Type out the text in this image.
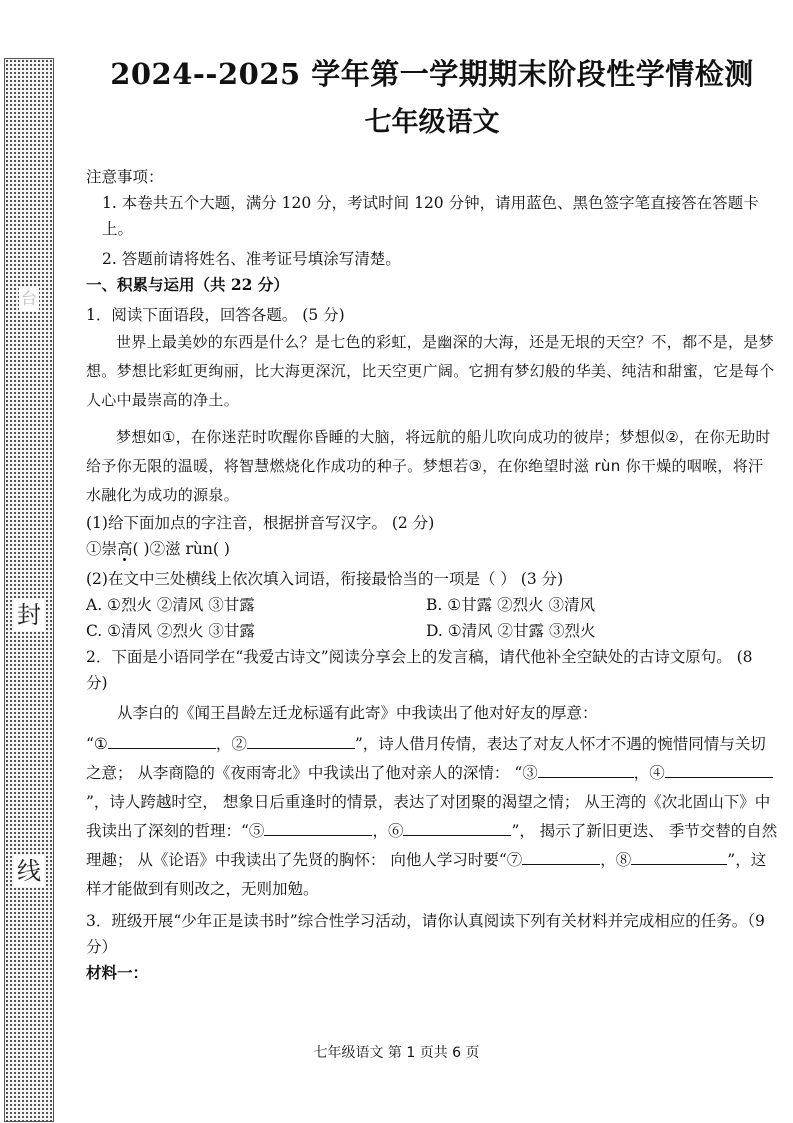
台
封
线
2024--2025 学年第一学期期末阶段性学情检测
七年级语文

注意事项：

1. 本卷共五个大题，满分 120 分，考试时间 120 分钟，请用蓝色、黑色签字笔直接答在答题卡上。

2. 答题前请将姓名、准考证号填涂写清楚。

一、积累与运用（共 22 分）

1．阅读下面语段，回答各题。 (5 分)

世界上最美妙的东西是什么？是七色的彩虹，是幽深的大海，还是无垠的天空？不，都不是，是梦想。梦想比彩虹更绚丽，比大海更深沉，比天空更广阔。它拥有梦幻般的华美、纯洁和甜蜜，它是每个人心中最崇高的净土。

梦想如①，在你迷茫时吹醒你昏睡的大脑，将远航的船儿吹向成功的彼岸；梦想似②，在你无助时给予你无限的温暖，将智慧燃烧化作成功的种子。梦想若③，在你绝望时滋 rùn 你干燥的咽喉，将汗水融化为成功的源泉。

(1)给下面加点的字注音，根据拼音写汉字。 (2 分)

①崇高( )②滋 rùn( )

(2)在文中三处横线上依次填入词语，衔接最恰当的一项是（ ） (3 分)

A. ①烈火 ②清风 ③甘露	B. ①甘露 ②烈火 ③清风
C. ①清风 ②烈火 ③甘露	D. ①清风 ②甘露 ③烈火

2．下面是小语同学在“我爱古诗文”阅读分享会上的发言稿，请代他补全空缺处的古诗文原句。 (8 分)

从李白的《闻王昌龄左迁龙标遥有此寄》中我读出了他对好友的厚意：

“①	，②	”，诗人借月传情，表达了对友人怀才不遇的惋惜同情与关切之意； 从李商隐的《夜雨寄北》中我读出了他对亲人的深情： “③	，④”，诗人跨越时空， 想象日后重逢时的情景，表达了对团聚的渴望之情； 从王湾的《次北固山下》中我读出了深刻的哲理：“⑤	，⑥	”， 揭示了新旧更迭、 季节交替的自然理趣； 从《论语》中我读出了先贤的胸怀： 向他人学习时要“⑦	，⑧	”，这样才能做到有则改之，无则加勉。

3．班级开展“少年正是读书时”综合性学习活动，请你认真阅读下列有关材料并完成相应的任务。（9 分）

材料一：

七年级语文 第 1 页共 6 页
